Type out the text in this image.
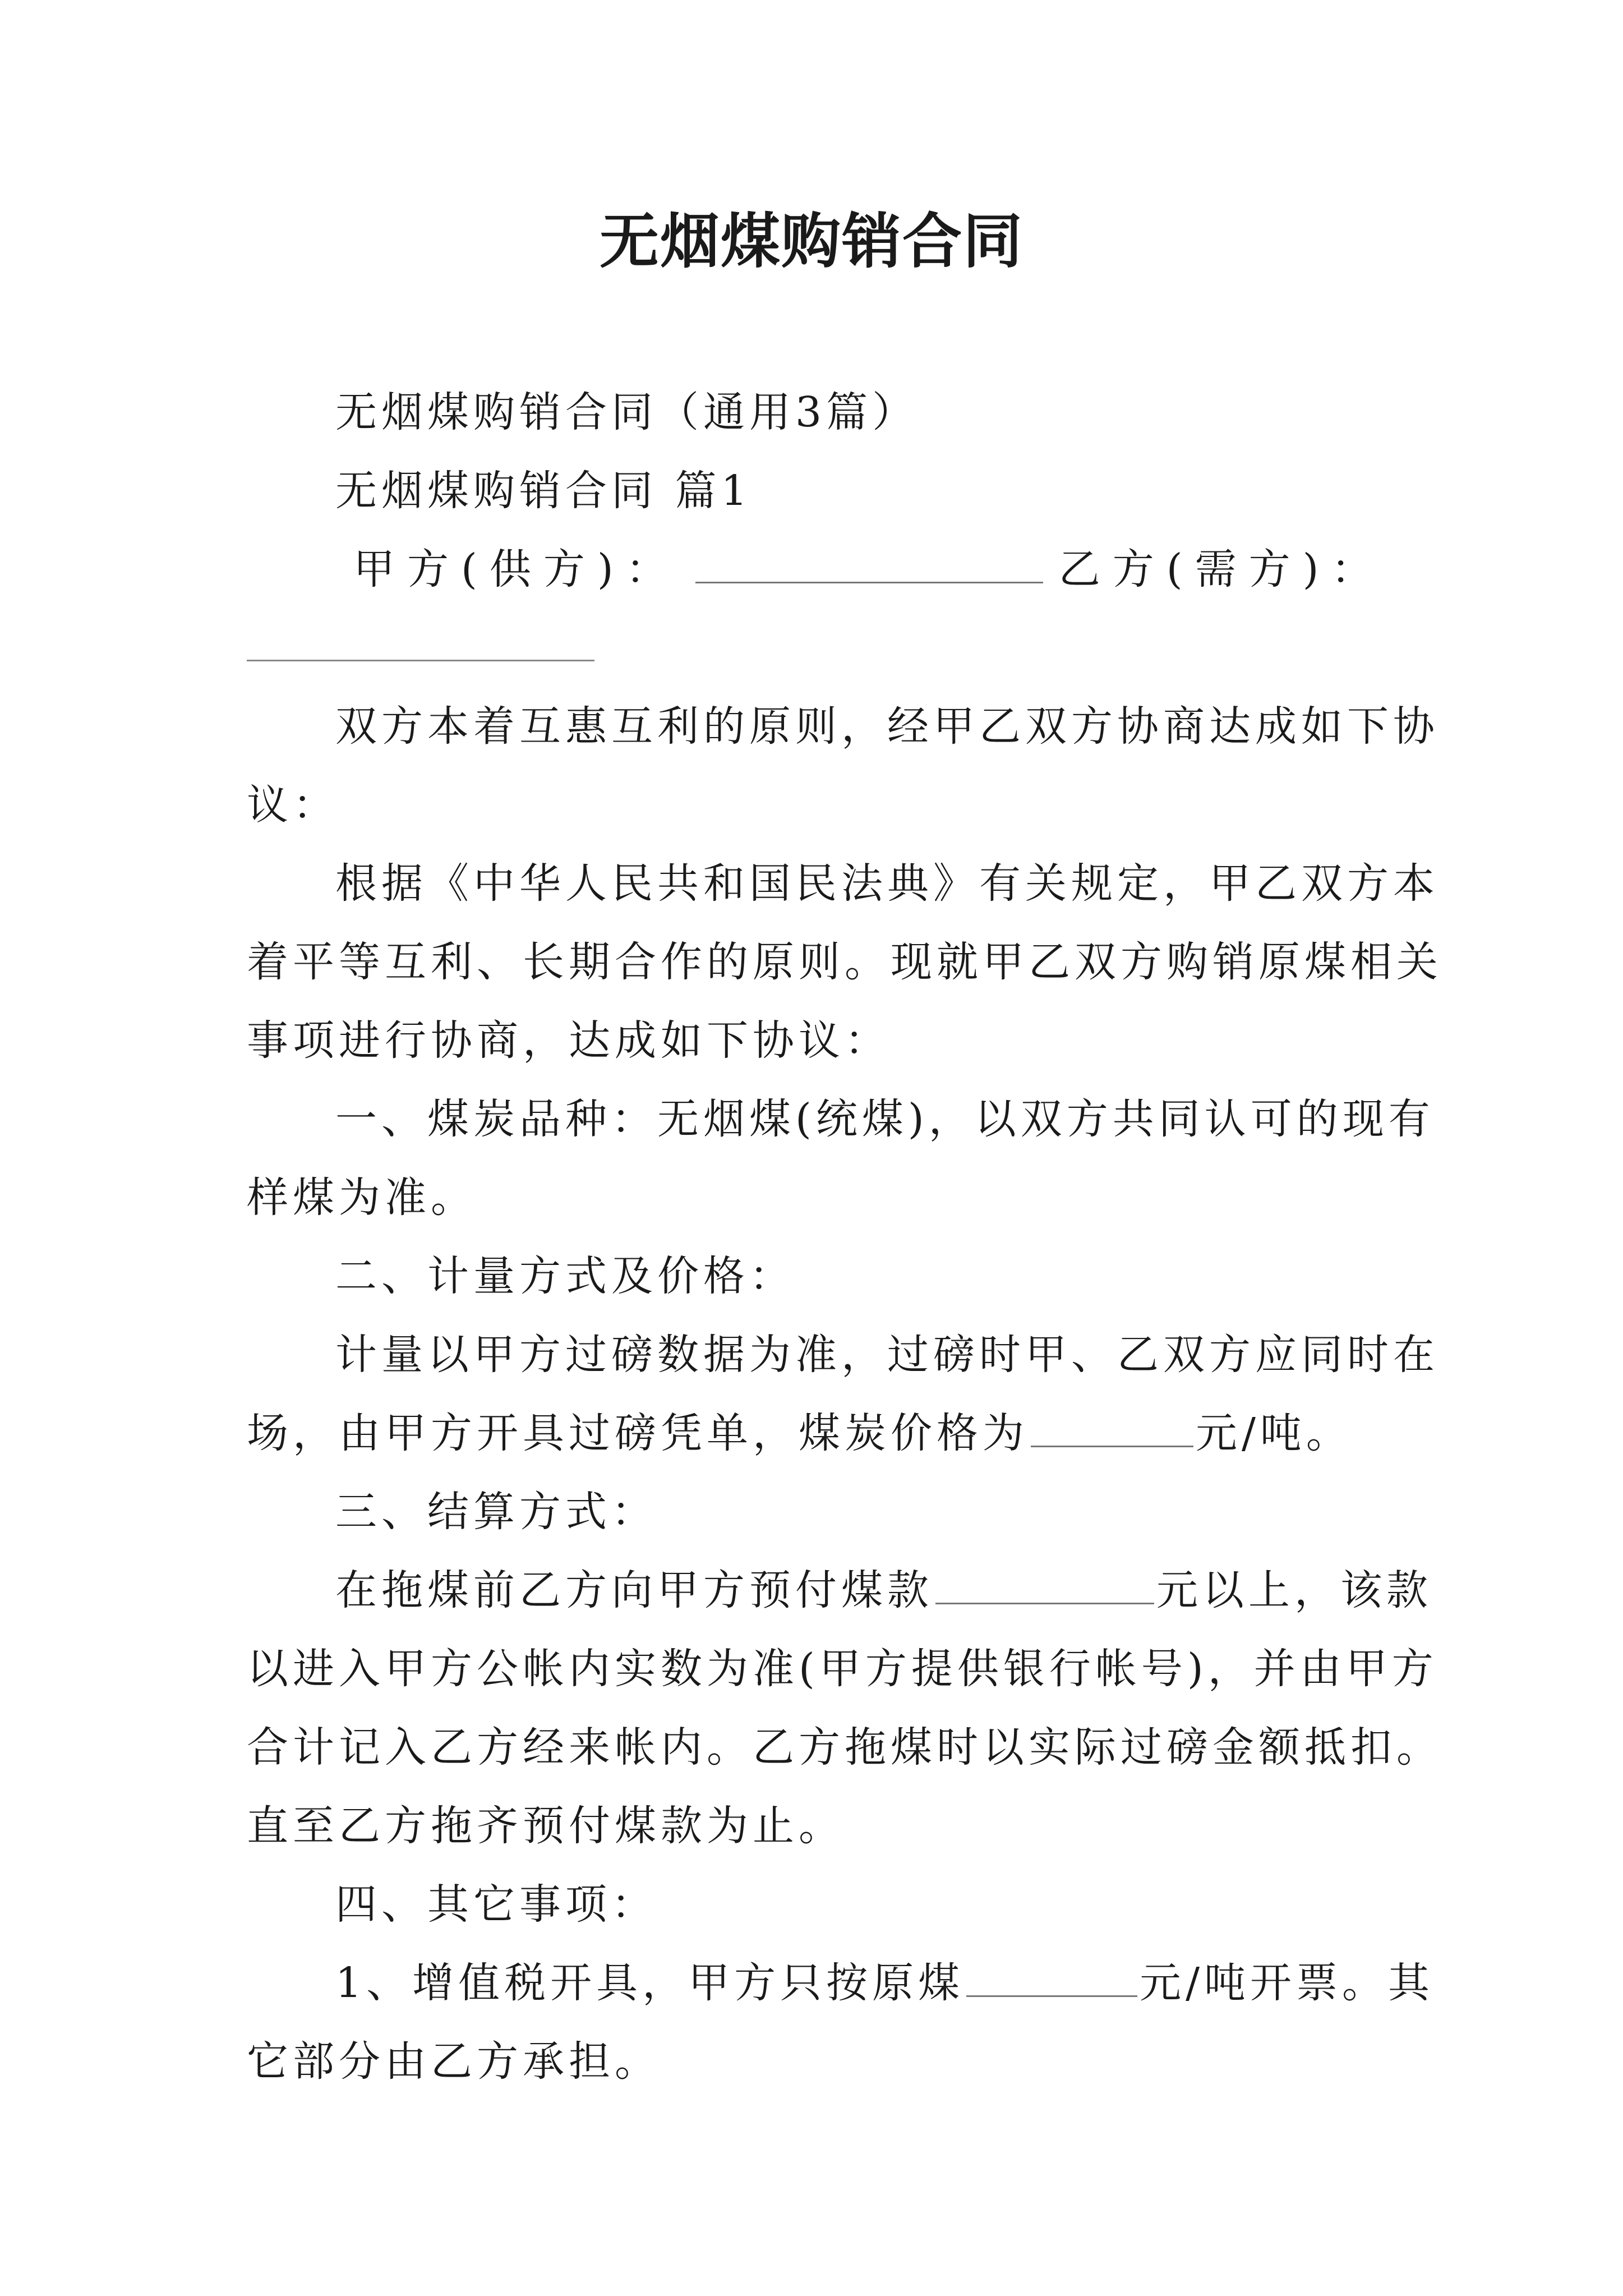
无烟煤购销合同
无烟煤购销合同（通用3篇）
无烟煤购销合同 篇1
甲方(供方)：	乙方(需方)：
双方本着互惠互利的原则，经甲乙双方协商达成如下协
议：
根据《中华人民共和国民法典》有关规定，甲乙双方本
着平等互利、长期合作的原则。现就甲乙双方购销原煤相关
事项进行协商，达成如下协议：
一、煤炭品种：无烟煤(统煤)，以双方共同认可的现有
样煤为准。
二、计量方式及价格：
计量以甲方过磅数据为准，过磅时甲、乙双方应同时在
场，由甲方开具过磅凭单，煤炭价格为	元/吨。
三、结算方式：
在拖煤前乙方向甲方预付煤款	元以上，该款
以进入甲方公帐内实数为准(甲方提供银行帐号)，并由甲方
合计记入乙方经来帐内。乙方拖煤时以实际过磅金额抵扣。
直至乙方拖齐预付煤款为止。
四、其它事项：
1、增值税开具，甲方只按原煤	元/吨开票。其
它部分由乙方承担。
